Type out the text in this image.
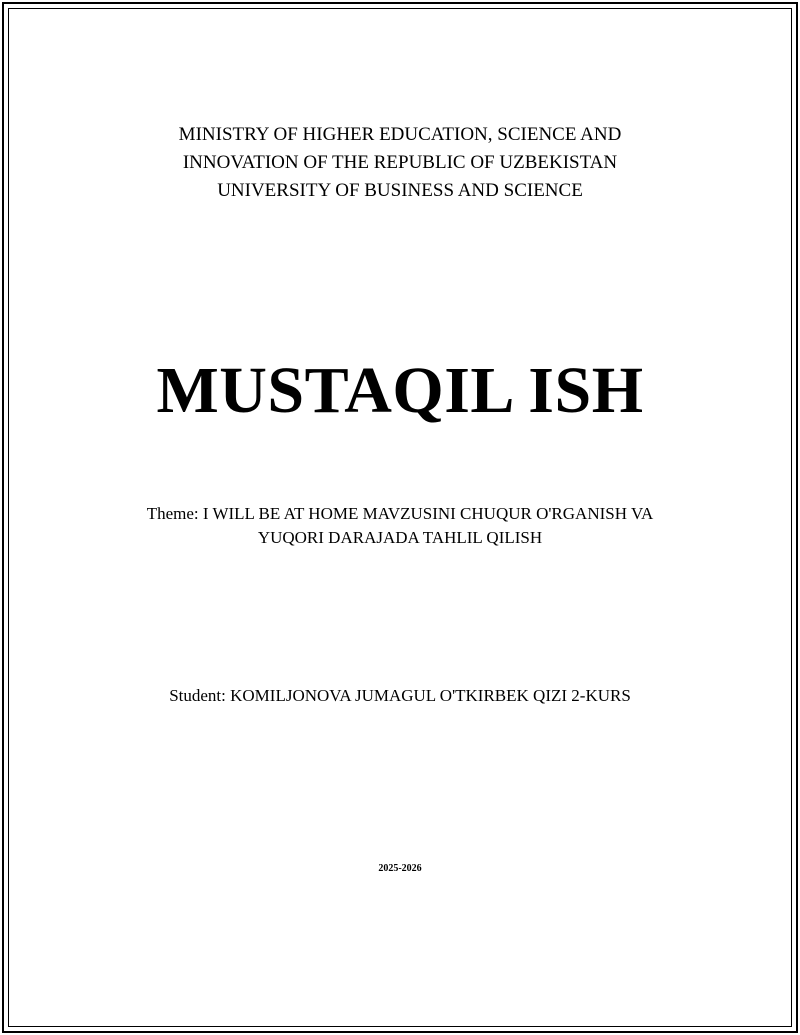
MINISTRY OF HIGHER EDUCATION, SCIENCE AND
INNOVATION OF THE REPUBLIC OF UZBEKISTAN
UNIVERSITY OF BUSINESS AND SCIENCE
MUSTAQIL ISH
Theme: I WILL BE AT HOME MAVZUSINI CHUQUR O'RGANISH VA
YUQORI DARAJADA TAHLIL QILISH
Student: KOMILJONOVA JUMAGUL O'TKIRBEK QIZI 2-KURS
2025-2026
